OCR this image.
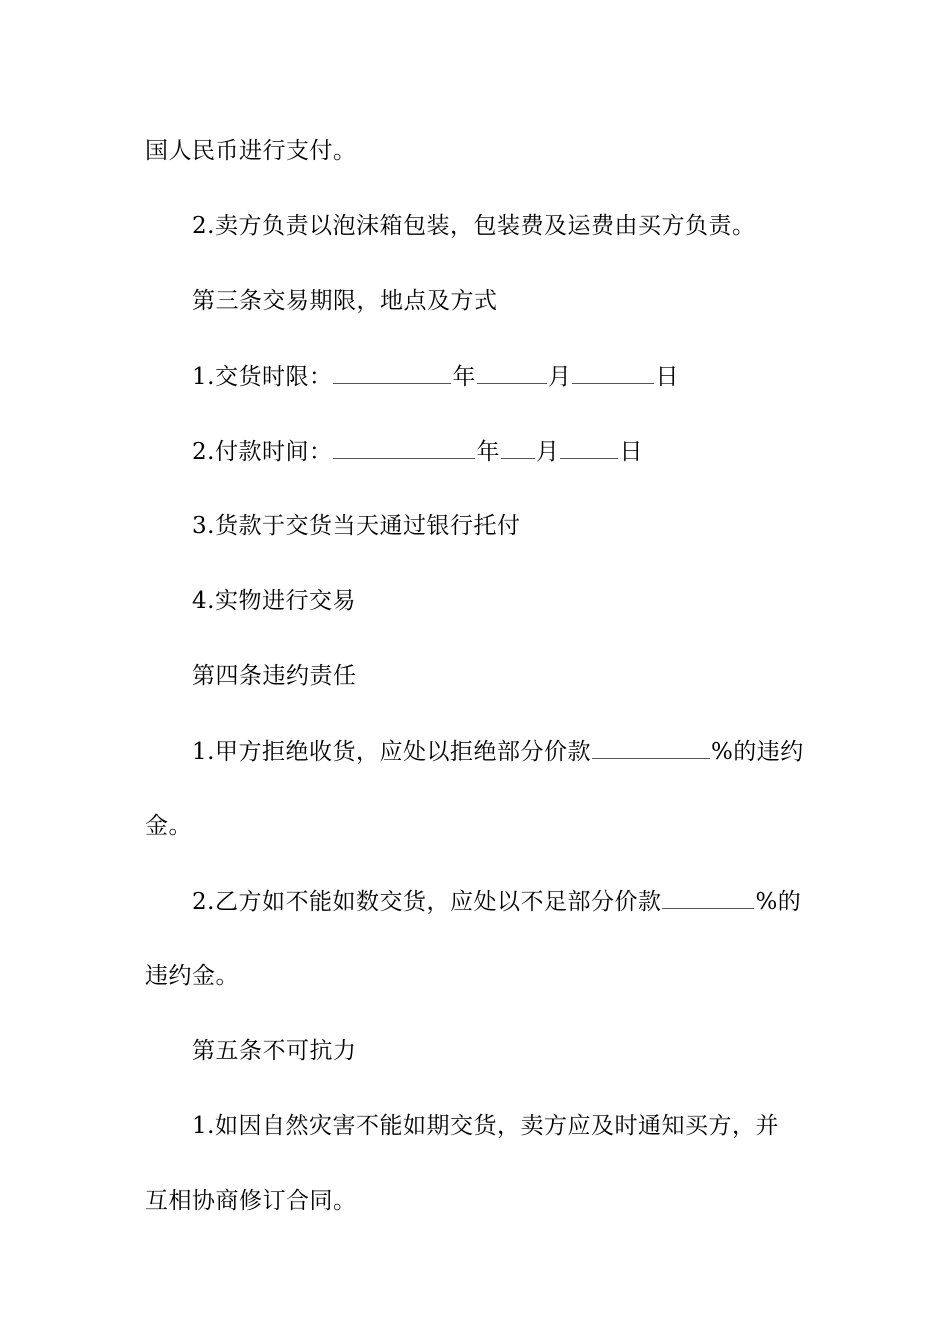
国人民币进行支付。
2.卖方负责以泡沫箱包装，包装费及运费由买方负责。
第三条交易期限，地点及方式
1.交货时限：	年	月	日
2.付款时间：	年 月	日
3.货款于交货当天通过银行托付
4.实物进行交易
第四条违约责任
1.甲方拒绝收货，应处以拒绝部分价款	%的违约
金。
2.乙方如不能如数交货，应处以不足部分价款	%的
违约金。
第五条不可抗力
1.如因自然灾害不能如期交货，卖方应及时通知买方，并
互相协商修订合同。
